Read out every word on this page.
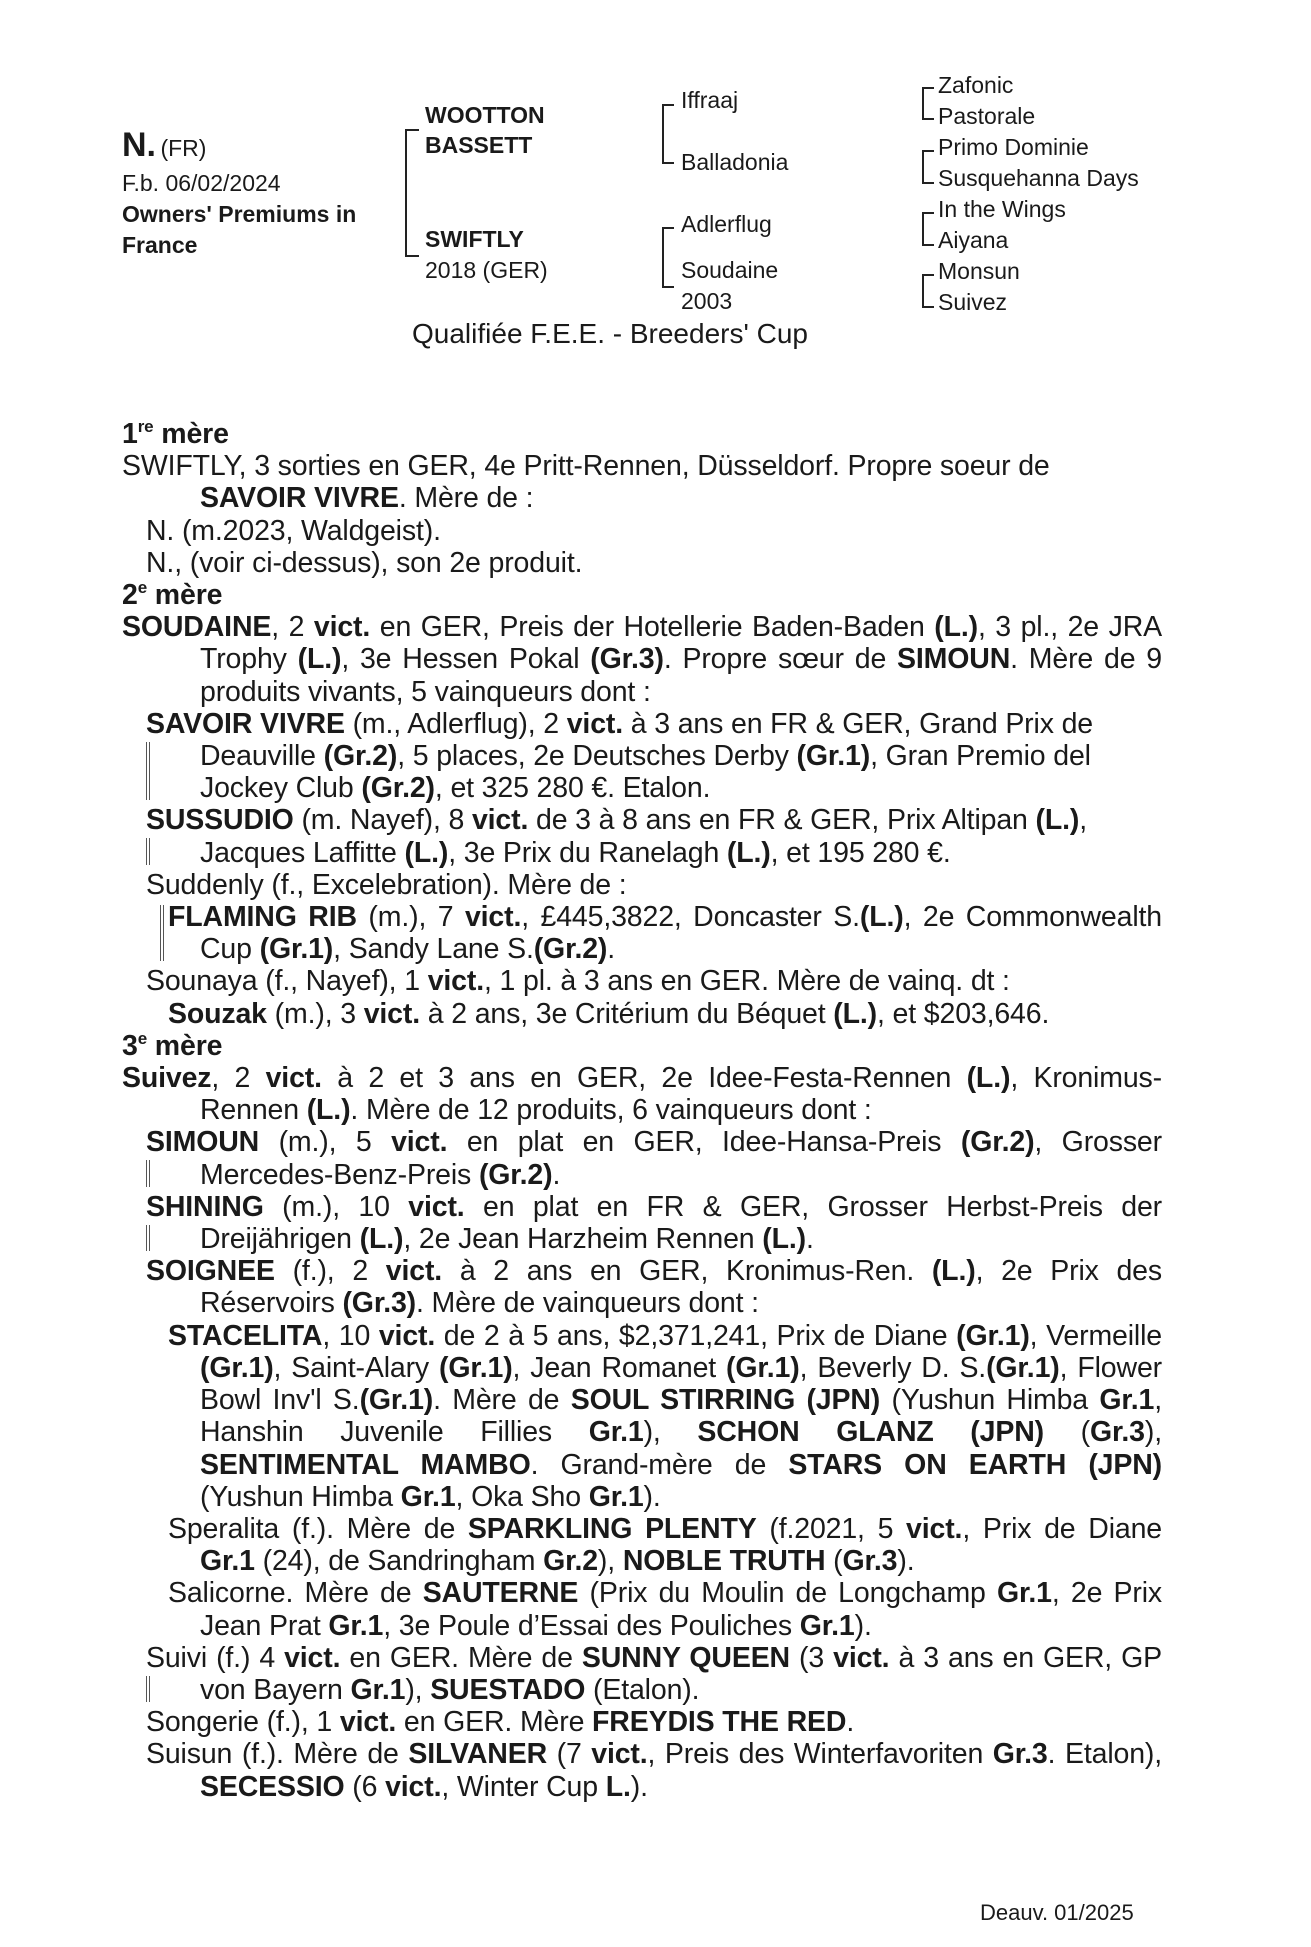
N. (FR)
F.b. 06/02/2024
Owners' Premiums in
France
WOOTTON
BASSETT
SWIFTLY
2018 (GER)
Iffraaj
Balladonia
Adlerflug
Soudaine
2003
Zafonic
Pastorale
Primo Dominie
Susquehanna Days
In the Wings
Aiyana
Monsun
Suivez
Qualifiée F.E.E. - Breeders' Cup
1re mère

SWIFTLY, 3 sorties en GER, 4e Pritt-Rennen, Düsseldorf. Propre soeur de SAVOIR VIVRE. Mère de :

N. (m.2023, Waldgeist).

N., (voir ci-dessus), son 2e produit.

2e mère

SOUDAINE, 2 vict. en GER, Preis der Hotellerie Baden-Baden (L.), 3 pl., 2e JRA Trophy (L.), 3e Hessen Pokal (Gr.3). Propre sœur de SIMOUN. Mère de 9 produits vivants, 5 vainqueurs dont :

SAVOIR VIVRE (m., Adlerflug), 2 vict. à 3 ans en FR & GER, Grand Prix de Deauville (Gr.2), 5 places, 2e Deutsches Derby (Gr.1), Gran Premio del Jockey Club (Gr.2), et 325 280 €. Etalon.

SUSSUDIO (m. Nayef), 8 vict. de 3 à 8 ans en FR & GER, Prix Altipan (L.), Jacques Laffitte (L.), 3e Prix du Ranelagh (L.), et 195 280 €.

Suddenly (f., Excelebration). Mère de :

FLAMING RIB (m.), 7 vict., £445,3822, Doncaster S.(L.), 2e Commonwealth Cup (Gr.1), Sandy Lane S.(Gr.2).

Sounaya (f., Nayef), 1 vict., 1 pl. à 3 ans en GER. Mère de vainq. dt :

Souzak (m.), 3 vict. à 2 ans, 3e Critérium du Béquet (L.), et $203,646.

3e mère

Suivez, 2 vict. à 2 et 3 ans en GER, 2e Idee-Festa-Rennen (L.), Kronimus-Rennen (L.). Mère de 12 produits, 6 vainqueurs dont :

SIMOUN (m.), 5 vict. en plat en GER, Idee-Hansa-Preis (Gr.2), Grosser Mercedes-Benz-Preis (Gr.2).

SHINING (m.), 10 vict. en plat en FR & GER, Grosser Herbst-Preis der Dreijährigen (L.), 2e Jean Harzheim Rennen (L.).

SOIGNEE (f.), 2 vict. à 2 ans en GER, Kronimus-Ren. (L.), 2e Prix des Réservoirs (Gr.3). Mère de vainqueurs dont :

STACELITA, 10 vict. de 2 à 5 ans, $2,371,241, Prix de Diane (Gr.1), Vermeille (Gr.1), Saint-Alary (Gr.1), Jean Romanet (Gr.1), Beverly D. S.(Gr.1), Flower Bowl Inv'l S.(Gr.1). Mère de SOUL STIRRING (JPN) (Yushun Himba Gr.1, Hanshin Juvenile Fillies Gr.1), SCHON GLANZ (JPN) (Gr.3), SENTIMENTAL MAMBO. Grand-mère de STARS ON EARTH (JPN) (Yushun Himba Gr.1, Oka Sho Gr.1).

Speralita (f.). Mère de SPARKLING PLENTY (f.2021, 5 vict., Prix de Diane Gr.1 (24), de Sandringham Gr.2), NOBLE TRUTH (Gr.3).

Salicorne. Mère de SAUTERNE (Prix du Moulin de Longchamp Gr.1, 2e Prix Jean Prat Gr.1, 3e Poule d’Essai des Pouliches Gr.1).

Suivi (f.) 4 vict. en GER. Mère de SUNNY QUEEN (3 vict. à 3 ans en GER, GP von Bayern Gr.1), SUESTADO (Etalon).

Songerie (f.), 1 vict. en GER. Mère FREYDIS THE RED.

Suisun (f.). Mère de SILVANER (7 vict., Preis des Winterfavoriten Gr.3. Etalon), SECESSIO (6 vict., Winter Cup L.).

Deauv. 01/2025
